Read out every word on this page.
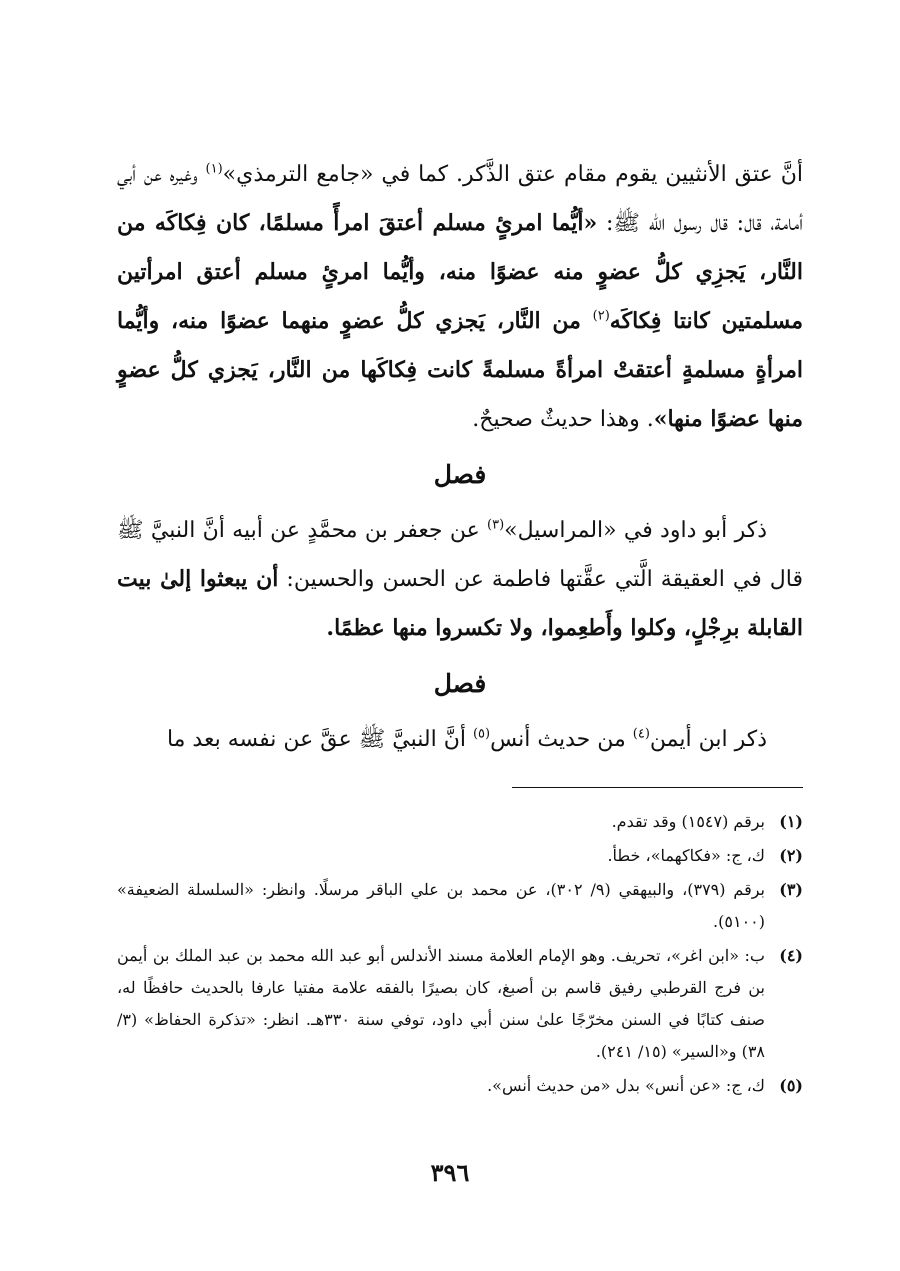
أنَّ عتق الأنثيين يقوم مقام عتق الذَّكر. كما في «جامع الترمذي»$^{(١)}$ وغيره عن أبي أمامة، قال: قال رسول الله ﷺ: «أيُّما امرئٍ مسلم أعتقَ امرأً مسلمًا، كان فِكاكَه من النَّار، يَجزِي كلُّ عضوٍ منه عضوًا منه، وأيُّما امرئٍ مسلم أعتق امرأتين مسلمتين كانتا فِكاكَه$^{(٢)}$ من النَّار، يَجزي كلُّ عضوٍ منهما عضوًا منه، وأيُّما امرأةٍ مسلمةٍ أعتقتْ امرأةً مسلمةً كانت فِكاكَها من النَّار، يَجزي كلُّ عضوٍ منها عضوًا منها». وهذا حديثٌ صحيحٌ.

فصل

ذكر أبو داود في «المراسيل»$^{(٣)}$ عن جعفر بن محمَّدٍ عن أبيه أنَّ النبيَّ ﷺ قال في العقيقة الَّتي عقَّتها فاطمة عن الحسن والحسين: أن يبعثوا إلىٰ بيت القابلة برِجْلٍ، وكلوا وأَطعِموا، ولا تكسروا منها عظمًا.

فصل

ذكر ابن أيمن$^{(٤)}$ من حديث أنس$^{(٥)}$ أنَّ النبيَّ ﷺ عقَّ عن نفسه بعد ما

(١)
برقم (١٥٤٧) وقد تقدم.
(٢)
ك، ج: «فكاكهما»، خطأ.
(٣)
برقم (٣٧٩)، والبيهقي (٩/ ٣٠٢)، عن محمد بن علي الباقر مرسلًا. وانظر: «السلسلة الضعيفة» (٥١٠٠).
(٤)
ب: «ابن اغر»، تحريف. وهو الإمام العلامة مسند الأندلس أبو عبد الله محمد بن عبد الملك بن أيمن بن فرج القرطبي رفيق قاسم بن أصبغ، كان بصيرًا بالفقه علامة مفتيا عارفا بالحديث حافظًا له، صنف كتابًا في السنن مخرّجًا علىٰ سنن أبي داود، توفي سنة ٣٣٠هـ. انظر: «تذكرة الحفاظ» (٣/ ٣٨) و«السير» (١٥/ ٢٤١).
(٥)
ك، ج: «عن أنس» بدل «من حديث أنس».
٣٩٦
